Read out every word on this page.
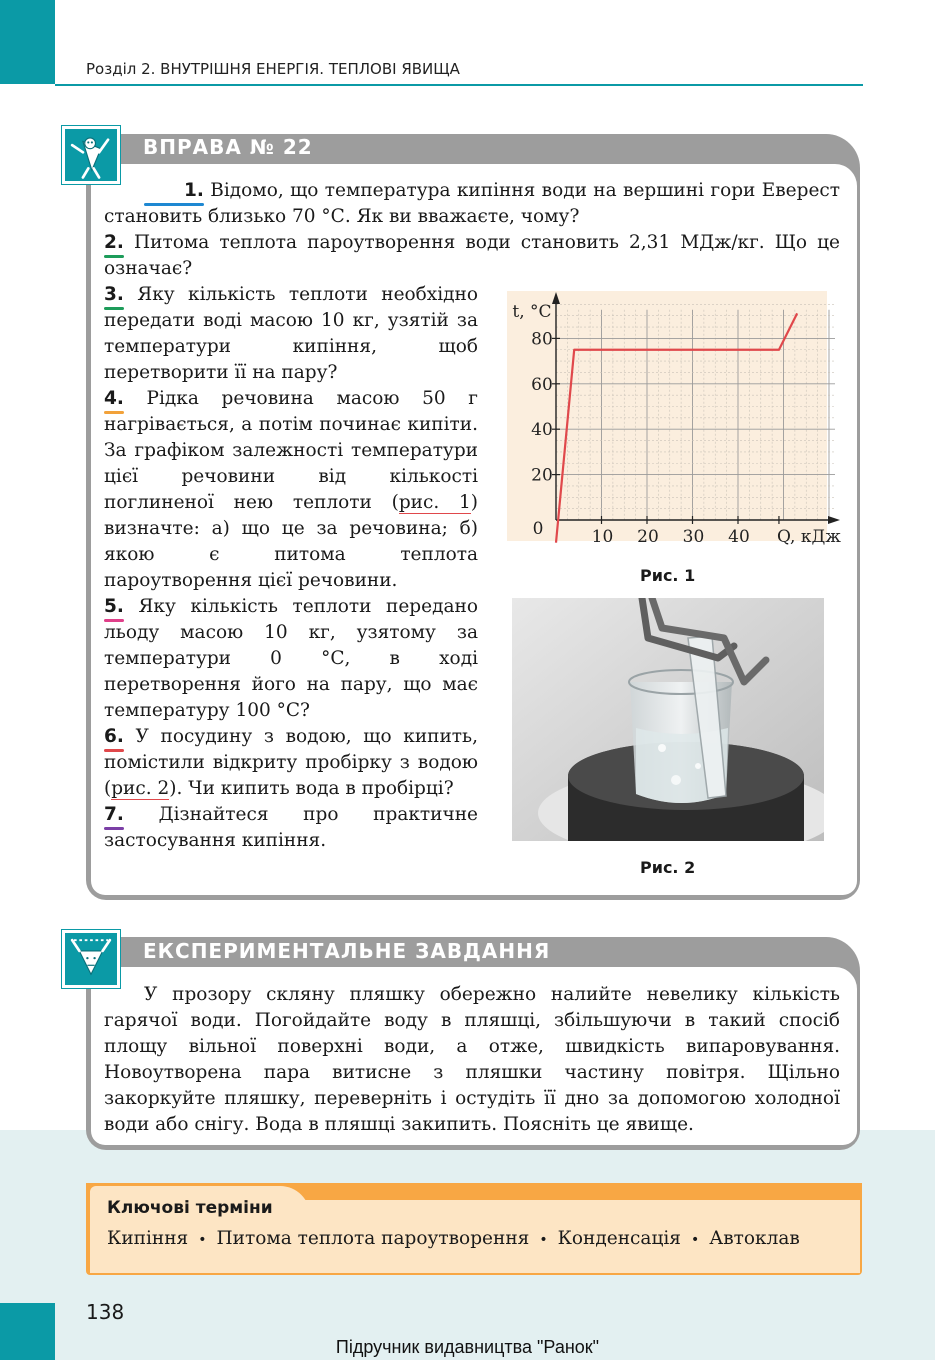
Розділ 2. ВНУТРІШНЯ ЕНЕРГІЯ. ТЕПЛОВІ ЯВИЩА
ВПРАВА № 22

1. Відомо, що температура кипіння води на вершині гори Еверест становить близько 70 °С. Як ви вважаєте, чому?

2. Питома теплота пароутворення води становить 2,31 МДж/кг. Що це означає?

3. Яку кількість теплоти необхідно передати воді масою 10 кг, узятій за температури кипіння, щоб перетворити її на пару?

4. Рідка речовина масою 50 г нагрівається, а потім починає кипіти. За графіком залежності температури цієї речовини від кількості поглиненої нею теплоти (рис. 1) визначте: а) що це за речовина; б) якою є питома теплота пароутворення цієї речовини.

5. Яку кількість теплоти передано льоду масою 10 кг, узятому за температури 0 °С, в ході перетворення його на пару, що має температуру 100 °С?

6. У посудину з водою, що кипить, помістили відкриту пробірку з водою (рис. 2). Чи кипить вода в пробірці?

7. Дізнайтеся про практичне застосування кипіння.

80
60
40
20
10 20 30 40
0
t, °С
Q, кДж
Рис. 1
Рис. 2
ЕКСПЕРИМЕНТАЛЬНЕ ЗАВДАННЯ

У прозору скляну пляшку обережно налийте невелику кількість гарячої води. Погойдайте воду в пляшці, збільшуючи в такий спосіб площу вільної поверхні води, а отже, швидкість випаровування. Новоутворена пара витисне з пляшки частину повітря. Щільно закоркуйте пляшку, переверніть і остудіть її дно за допомогою холодної води або снігу. Вода в пляшці закипить. Поясніть це явище.

Ключові терміни
Кипіння • Питома теплота пароутворення • Конденсація • Автоклав
138
Підручник видавництва "Ранок"
